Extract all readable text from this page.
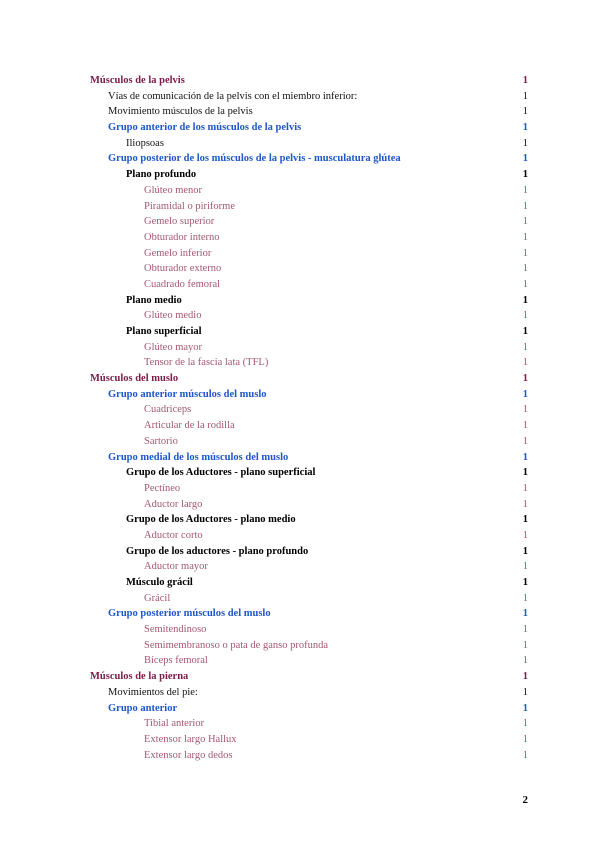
Músculos de la pelvis	1
Vías de comunicación de la pelvis con el miembro inferior:	1
Movimiento músculos de la pelvis	1
Grupo anterior de los músculos de la pelvis	1
Iliopsoas	1
Grupo posterior de los músculos de la pelvis - musculatura glútea	1
Plano profundo	1
Glúteo menor	1
Piramidal o piriforme	1
Gemelo superior	1
Obturador interno	1
Gemelo inferior	1
Obturador externo	1
Cuadrado femoral	1
Plano medio	1
Glúteo medio	1
Plano superficial	1
Glúteo mayor	1
Tensor de la fascia lata (TFL)	1
Músculos del muslo	1
Grupo anterior músculos del muslo	1
Cuadriceps	1
Articular de la rodilla	1
Sartorio	1
Grupo medial de los músculos del muslo	1
Grupo de los Aductores - plano superficial	1
Pectíneo	1
Aductor largo	1
Grupo de los Aductores - plano medio	1
Aductor corto	1
Grupo de los aductores - plano profundo	1
Aductor mayor	1
Músculo grácil	1
Grácil	1
Grupo posterior músculos del muslo	1
Semitendinoso	1
Semimembranoso o pata de ganso profunda	1
Bíceps femoral	1
Músculos de la pierna	1
Movimientos del pie:	1
Grupo anterior	1
Tibial anterior	1
Extensor largo Hallux	1
Extensor largo dedos	1
2
